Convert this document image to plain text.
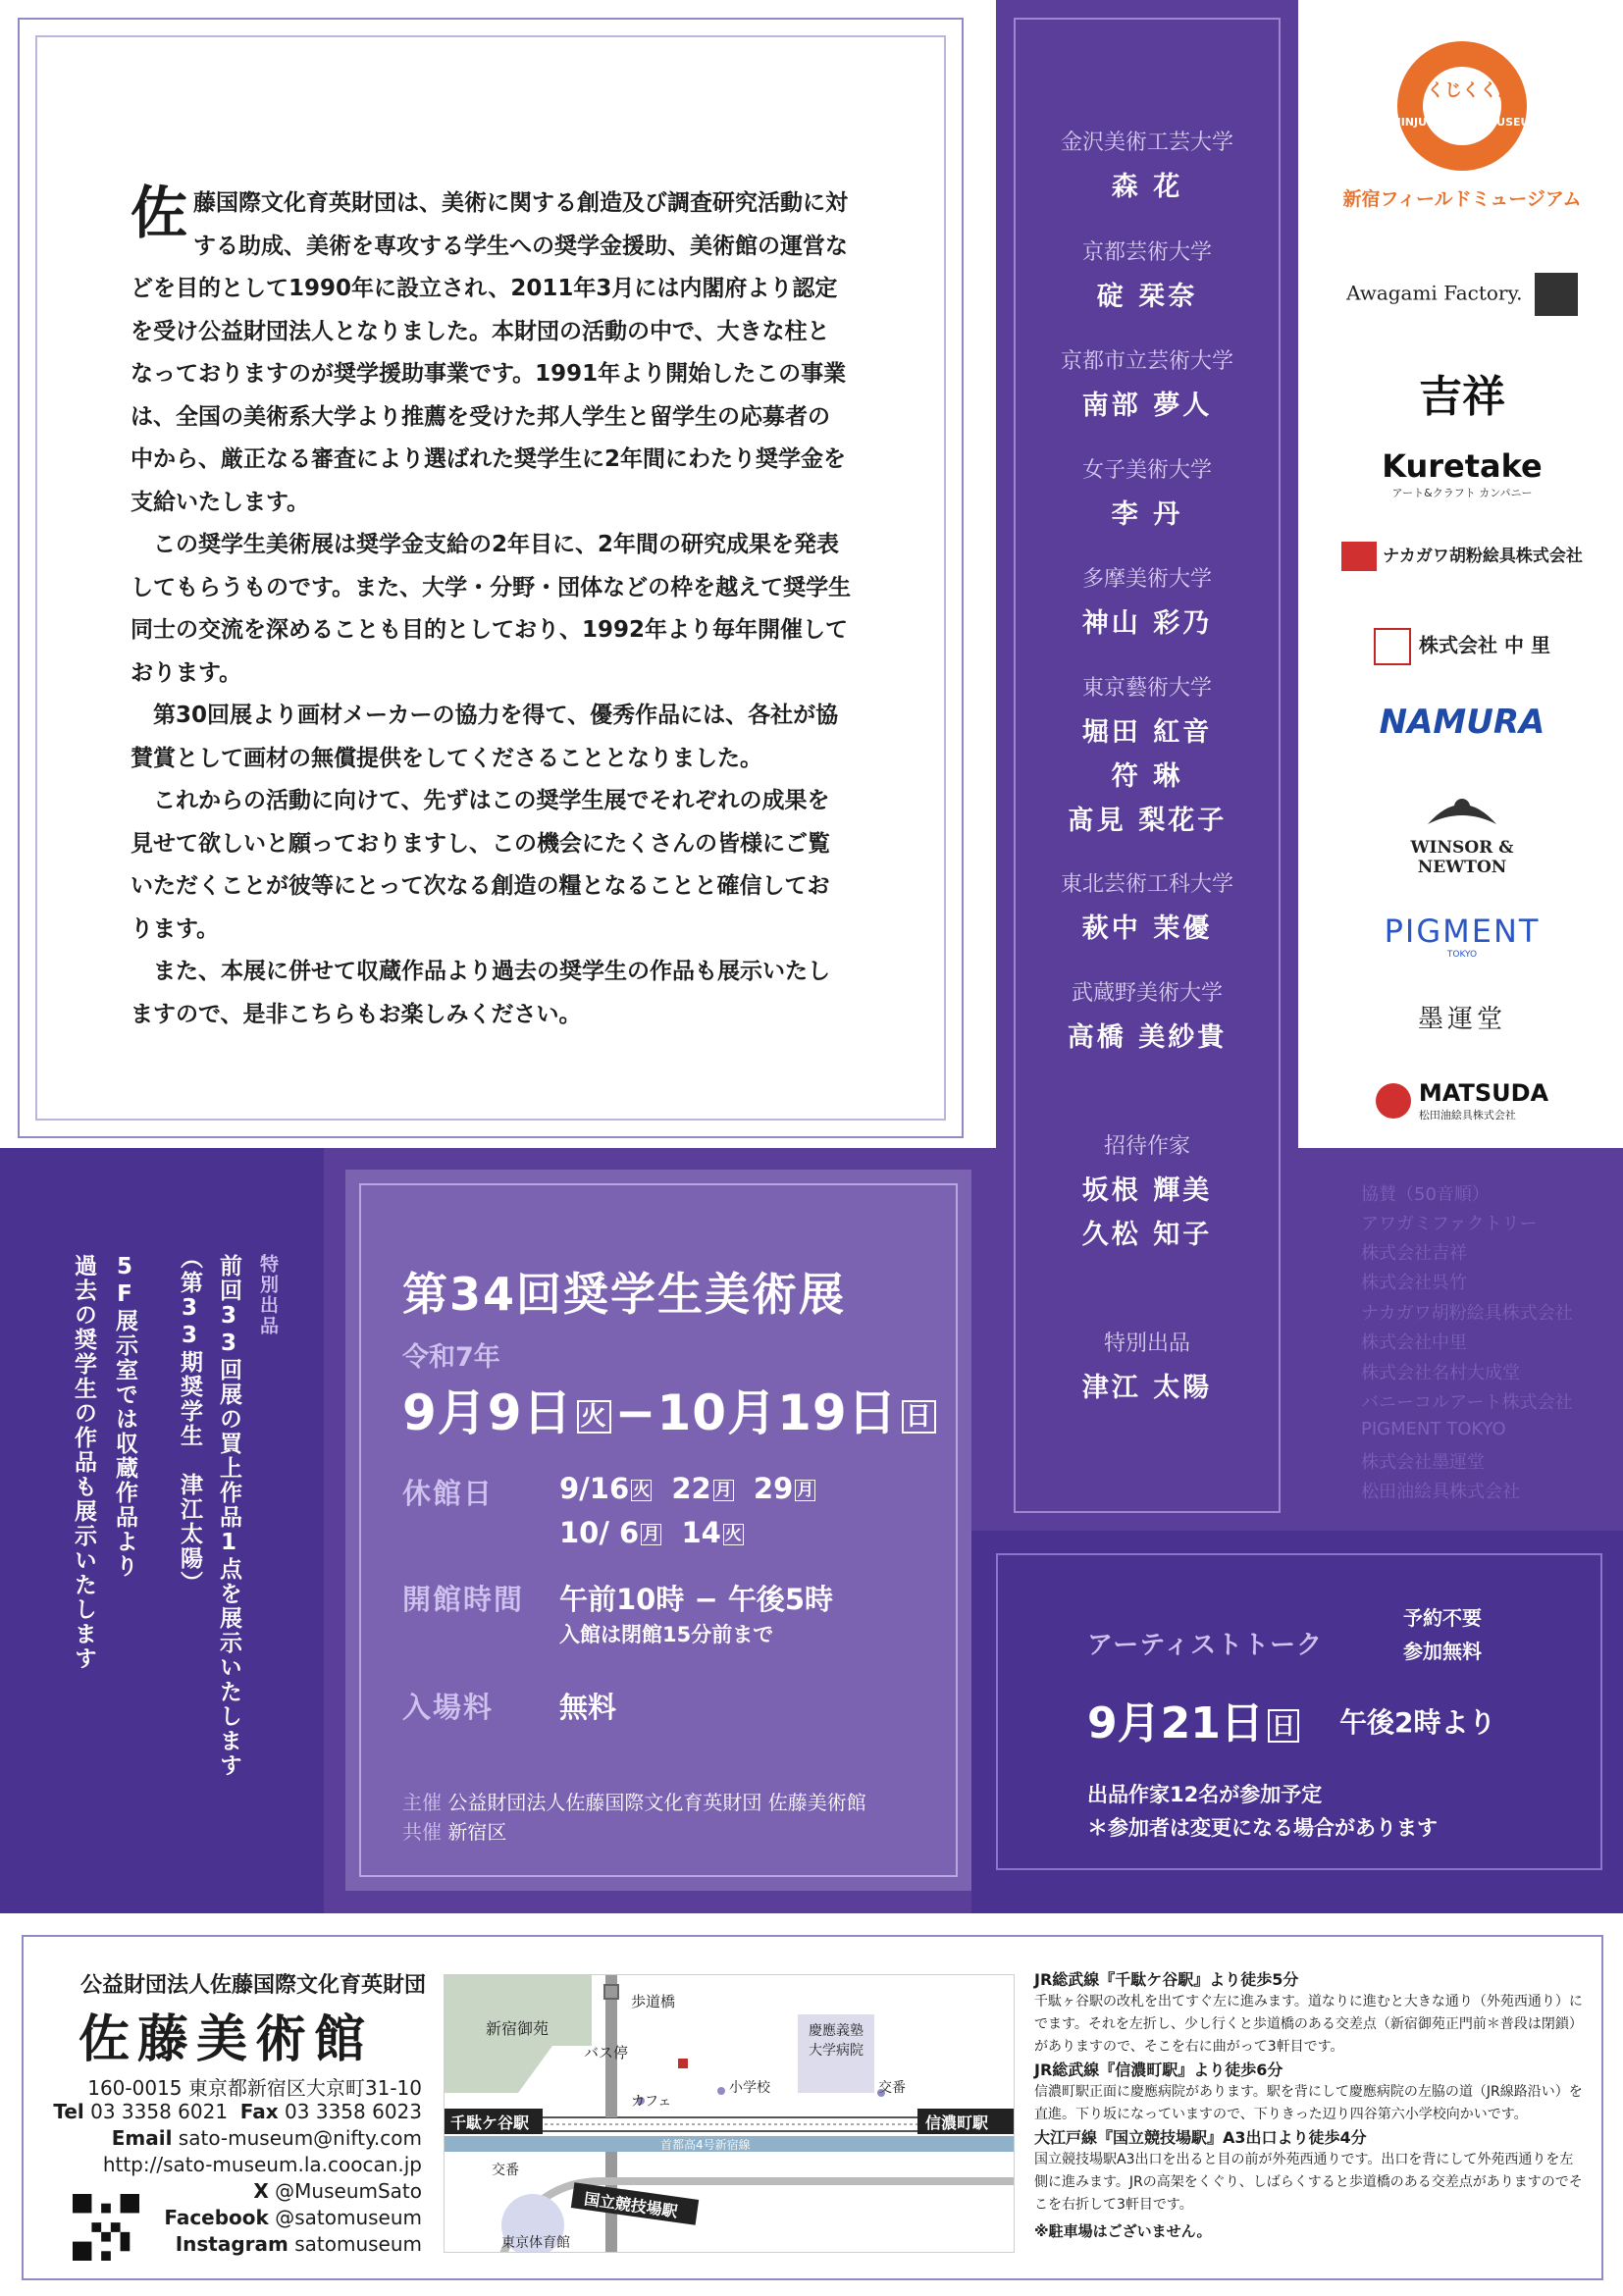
佐藤国際文化育英財団は、美術に関する創造及び調査研究活動に対する助成、美術を専攻する学生への奨学金援助、美術館の運営などを目的として1990年に設立され、2011年3月には内閣府より認定を受け公益財団法人となりました。本財団の活動の中で、大きな柱となっておりますのが奨学援助事業です。1991年より開始したこの事業は、全国の美術系大学より推薦を受けた邦人学生と留学生の応募者の中から、厳正なる審査により選ばれた奨学生に2年間にわたり奨学金を支給いたします。

この奨学生美術展は奨学金支給の2年目に、2年間の研究成果を発表してもらうものです。また、大学・分野・団体などの枠を越えて奨学生同士の交流を深めることも目的としており、1992年より毎年開催しております。

第30回展より画材メーカーの協力を得て、優秀作品には、各社が協賛賞として画材の無償提供をしてくださることとなりました。

これからの活動に向けて、先ずはこの奨学生展でそれぞれの成果を見せて欲しいと願っておりますし、この機会にたくさんの皆様にご覧いただくことが彼等にとって次なる創造の糧となることと確信しております。

また、本展に併せて収蔵作品より過去の奨学生の作品も展示いたしますので、是非こちらもお楽しみください。

金沢美術工芸大学
森 花
京都芸術大学
碇 栞奈
京都市立芸術大学
南部 夢人
女子美術大学
李 丹
多摩美術大学
神山 彩乃
東京藝術大学
堀田 紅音
符 琳
髙見 梨花子
東北芸術工科大学
萩中 茉優
武蔵野美術大学
高橋 美紗貴
招待作家
坂根 輝美
久松 知子
特別出品
津江 太陽
くくじくくん
SHINJUKU FIELD MUSEUM
新宿フィールドミュージアム
Awagami Factory.
吉祥
Kuretake
アート&クラフト カンパニー
ナカガワ胡粉絵具株式会社
株式会社 中 里
NAMURA
WINSOR & NEWTON
PIGMENT
TOKYO
墨運堂
MATSUDA
松田油絵具株式会社
協賛（50音順）
アワガミファクトリー
株式会社吉祥
株式会社呉竹
ナカガワ胡粉絵具株式会社
株式会社中里
株式会社名村大成堂
バニーコルアート株式会社
PIGMENT TOKYO
株式会社墨運堂
松田油絵具株式会社
特別出品
前回33回展の買上作品1点を展示いたします
（第33期奨学生　津江太陽）
5F展示室では収蔵作品より
過去の奨学生の作品も展示いたします	第34回奨学生美術展
令和7年
9月9日 火 −10月19日 日
休館日 9/16 火 22 月 29 月
10/ 6 月 14 火
開館時間 午前10時 − 午後5時
入館は閉館15分前まで
入場料 無料
主催 公益財団法人佐藤国際文化育英財団 佐藤美術館
共催 新宿区
アーティストトーク
予約不要
参加無料
9月21日 日 午後2時より
出品作家12名が参加予定
＊参加者は変更になる場合があります
公益財団法人佐藤国際文化育英財団
佐藤美術館
160-0015 東京都新宿区大京町31-10
Tel 03 3358 6021 Fax 03 3358 6023
Email sato-museum@nifty.com
http://sato-museum.la.coocan.jp
X @MuseumSato
Facebook @satomuseum
Instagram satomuseum
新宿御苑
バス停
歩道橋
カフェ
小学校
慶應義塾 大学病院
交番
交番
千駄ケ谷駅	信濃町駅
首都高4号新宿線
国立競技場駅
東京体育館
JR総武線『千駄ケ谷駅』より徒歩5分
千駄ヶ谷駅の改札を出てすぐ左に進みます。道なりに進むと大きな通り（外苑西通り）にでます。それを左折し、少し行くと歩道橋のある交差点（新宿御苑正門前＊普段は閉鎖）がありますので、そこを右に曲がって3軒目です。
JR総武線『信濃町駅』より徒歩6分
信濃町駅正面に慶應病院があります。駅を背にして慶應病院の左脇の道（JR線路沿い）を直進。下り坂になっていますので、下りきった辺り四谷第六小学校向かいです。
大江戸線『国立競技場駅』A3出口より徒歩4分
国立競技場駅A3出口を出ると目の前が外苑西通りです。出口を背にして外苑西通りを左側に進みます。JRの高架をくぐり、しばらくすると歩道橋のある交差点がありますのでそこを右折して3軒目です。
※駐車場はございません。
